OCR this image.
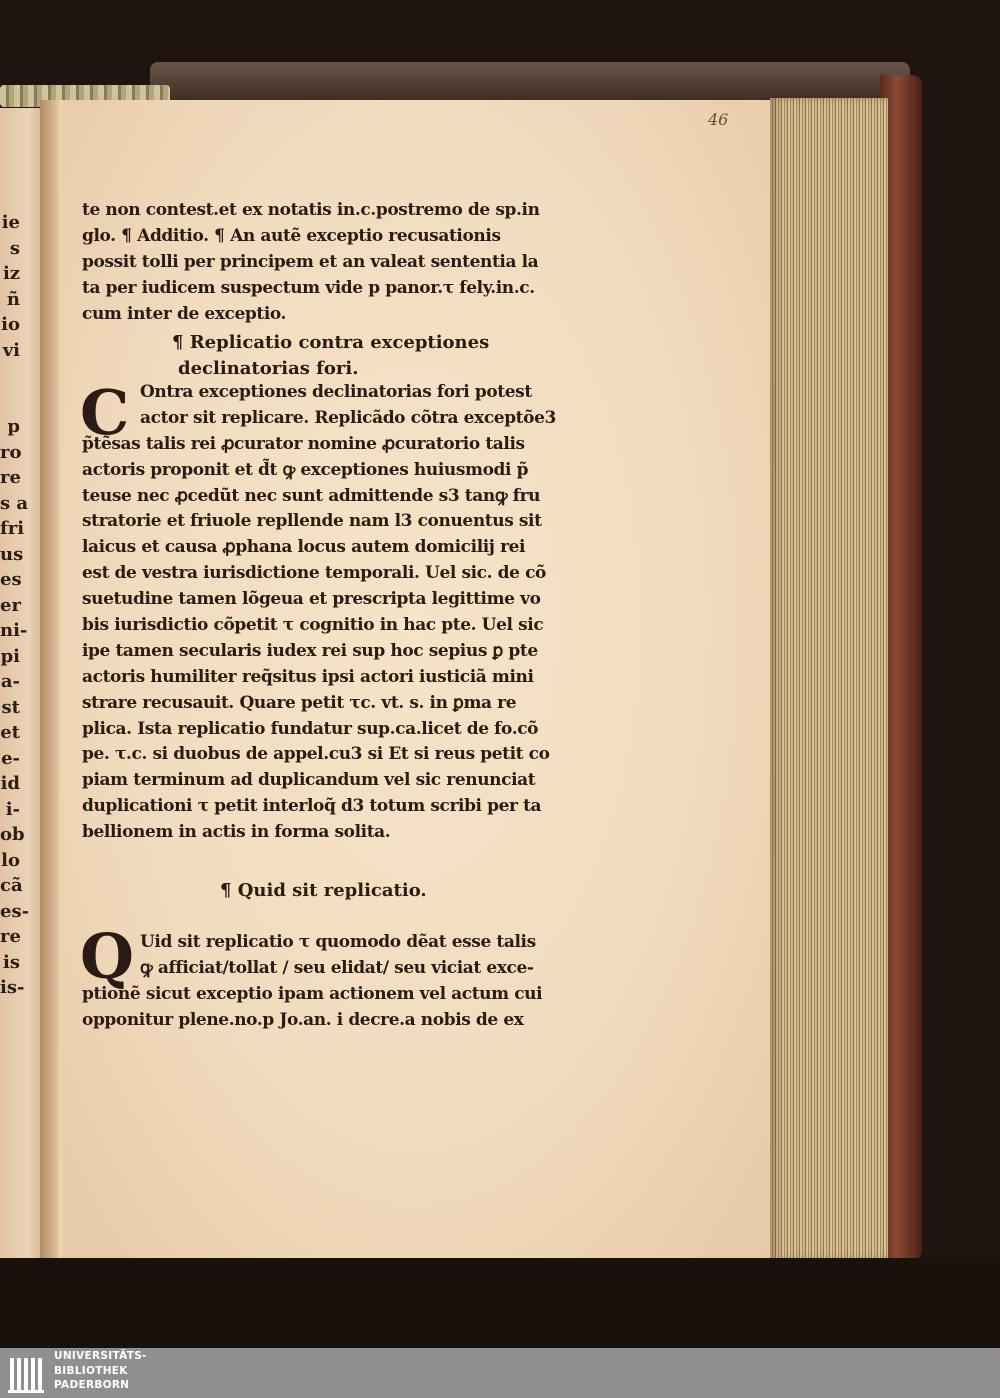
46
ie
s
iz
ñ
io
vi
p
ro
re
s a
fri
us
es
er
ni-
pi
a-
st
et
e-
id
i-
ob
lo
cã
es-
re
is
is-
te non contest.et ex notatis in.c.postremo de sp.in
glo. ¶ Additio. ¶ An autẽ exceptio recusationis
possit tolli per principem et an valeat sententia la
ta per iudicem suspectum vide p panor.τ fely.in.c.
cum inter de exceptio.
¶ Replicatio contra exceptiones
declinatorias fori.
C Ontra exceptiones declinatorias fori potest
actor sit replicare. Replicãdo cõtra exceptõe3
p̃tẽsas talis rei ꝓcurator nomine ꝓcuratorio talis
actoris proponit et d̃t ꝙ exceptiones huiusmodi p̃
teuse nec ꝓcedũt nec sunt admittende s3 tanꝙ fru
stratorie et friuole repllende nam l3 conuentus sit
laicus et causa ꝓphana locus autem domicilij rei
est de vestra iurisdictione temporali. Uel sic. de cõ
suetudine tamen lõgeua et prescripta legittime vo
bis iurisdictio cõpetit τ cognitio in hac pte. Uel sic
ipe tamen secularis iudex rei sup hoc sepius ꝑ pte
actoris humiliter req̃situs ipsi actori iusticiã mini
strare recusauit. Quare petit τc. vt. s. in ꝑma re
plica. Ista replicatio fundatur sup.ca.licet de fo.cõ
pe. τ.c. si duobus de appel.cu3 si Et si reus petit co
piam terminum ad duplicandum vel sic renunciat
duplicationi τ petit interloq̃ d3 totum scribi per ta
bellionem in actis in forma solita.
¶ Quid sit replicatio.
Q Uid sit replicatio τ quomodo dẽat esse talis
ꝙ afficiat/tollat / seu elidat/ seu viciat exce-
ptionẽ sicut exceptio ipam actionem vel actum cui
opponitur plene.no.p Jo.an. i decre.a nobis de ex
UNIVERSITÄTS-
BIBLIOTHEK
PADERBORN
